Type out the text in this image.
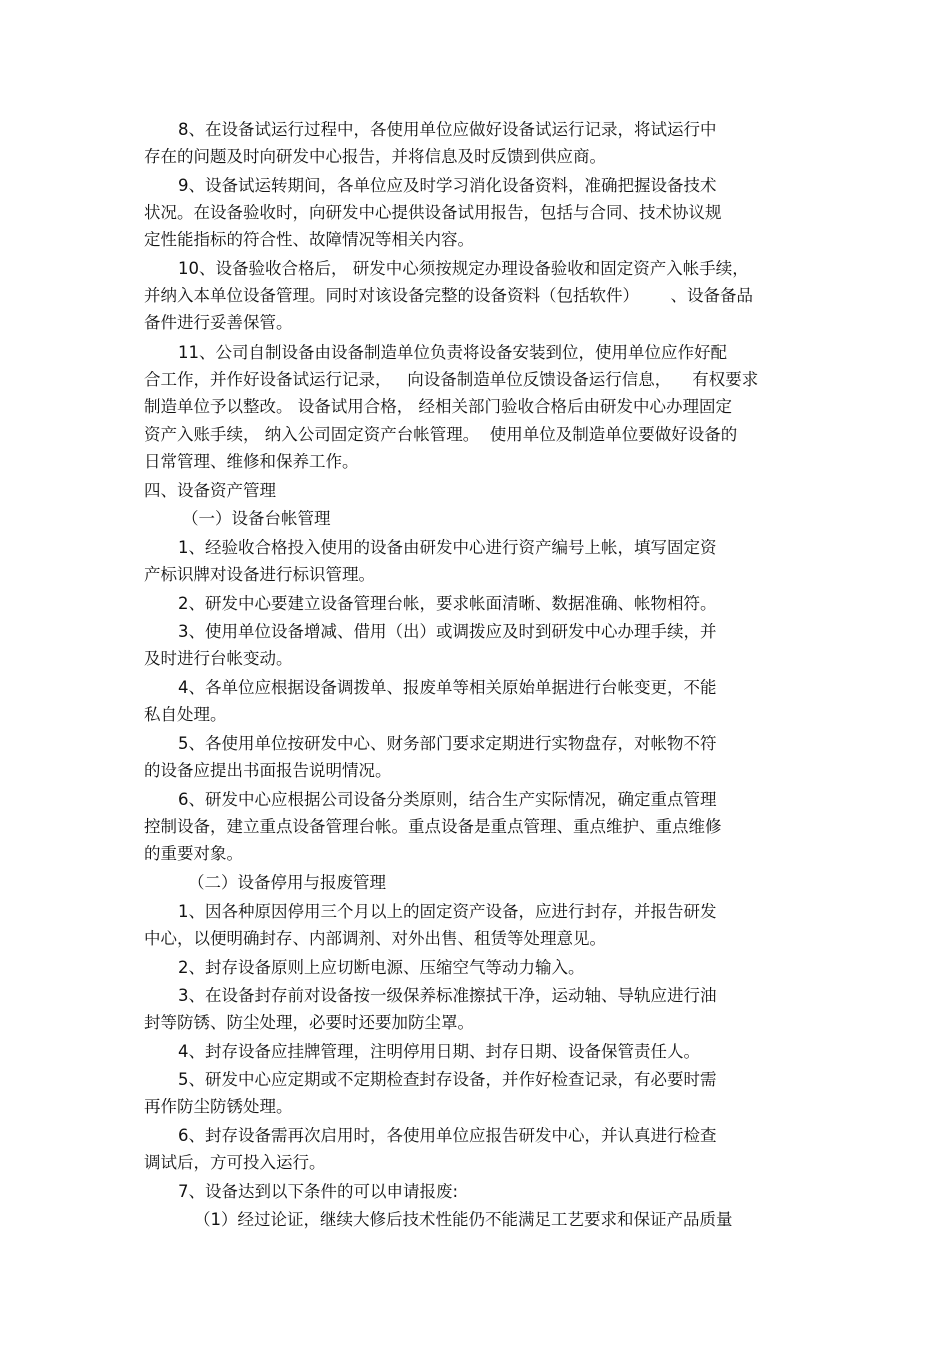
8、在设备试运行过程中，各使用单位应做好设备试运行记录，将试运行中

存在的问题及时向研发中心报告，并将信息及时反馈到供应商。

9、设备试运转期间，各单位应及时学习消化设备资料，准确把握设备技术

状况。在设备验收时，向研发中心提供设备试用报告，包括与合同、技术协议规

定性能指标的符合性、故障情况等相关内容。

10、设备验收合格后， 研发中心须按规定办理设备验收和固定资产入帐手续，

并纳入本单位设备管理。同时对该设备完整的设备资料（包括软件）      、设备备品

备件进行妥善保管。

11、公司自制设备由设备制造单位负责将设备安装到位，使用单位应作好配

合工作，并作好设备试运行记录，   向设备制造单位反馈设备运行信息，    有权要求

制造单位予以整改。 设备试用合格， 经相关部门验收合格后由研发中心办理固定

资产入账手续， 纳入公司固定资产台帐管理。  使用单位及制造单位要做好设备的

日常管理、维修和保养工作。

四、设备资产管理

（一）设备台帐管理

1、经验收合格投入使用的设备由研发中心进行资产编号上帐，填写固定资

产标识牌对设备进行标识管理。

2、研发中心要建立设备管理台帐，要求帐面清晰、数据准确、帐物相符。

3、使用单位设备增减、借用（出）或调拨应及时到研发中心办理手续，并

及时进行台帐变动。

4、各单位应根据设备调拨单、报废单等相关原始单据进行台帐变更，不能

私自处理。

5、各使用单位按研发中心、财务部门要求定期进行实物盘存，对帐物不符

的设备应提出书面报告说明情况。

6、研发中心应根据公司设备分类原则，结合生产实际情况，确定重点管理

控制设备，建立重点设备管理台帐。重点设备是重点管理、重点维护、重点维修

的重要对象。

（二）设备停用与报废管理

1、因各种原因停用三个月以上的固定资产设备，应进行封存，并报告研发

中心，以便明确封存、内部调剂、对外出售、租赁等处理意见。

2、封存设备原则上应切断电源、压缩空气等动力输入。

3、在设备封存前对设备按一级保养标准擦拭干净，运动轴、导轨应进行油

封等防锈、防尘处理，必要时还要加防尘罩。

4、封存设备应挂牌管理，注明停用日期、封存日期、设备保管责任人。

5、研发中心应定期或不定期检查封存设备，并作好检查记录，有必要时需

再作防尘防锈处理。

6、封存设备需再次启用时，各使用单位应报告研发中心，并认真进行检查

调试后，方可投入运行。

7、设备达到以下条件的可以申请报废:

（1）经过论证，继续大修后技术性能仍不能满足工艺要求和保证产品质量
